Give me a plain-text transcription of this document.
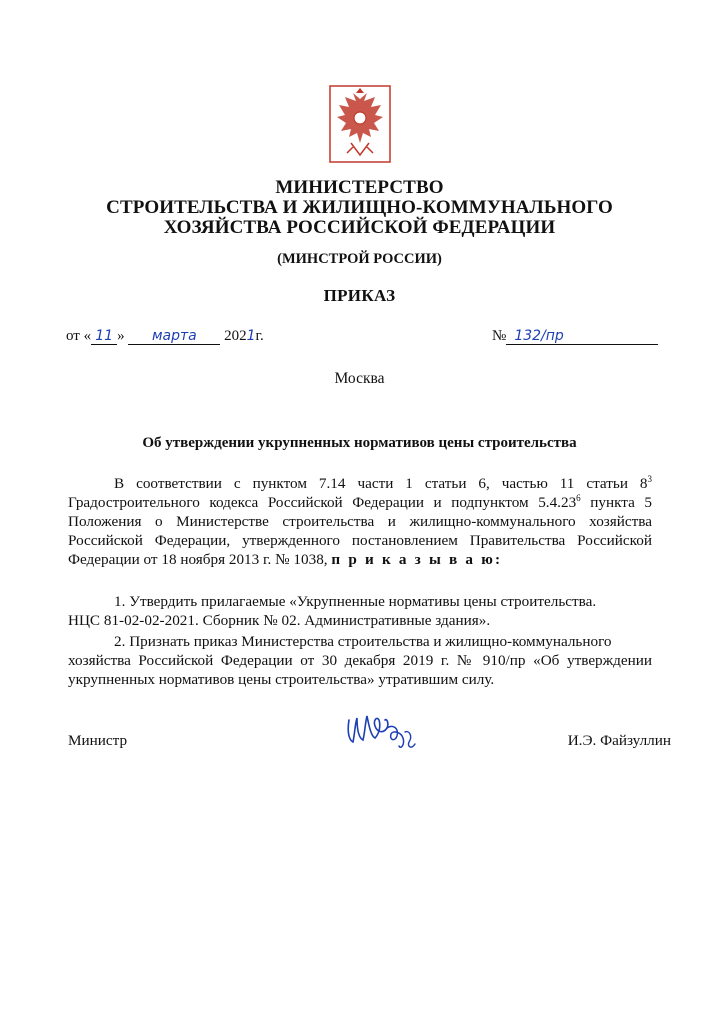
МИНИСТЕРСТВО
СТРОИТЕЛЬСТВА И ЖИЛИЩНО-КОММУНАЛЬНОГО
ХОЗЯЙСТВА РОССИЙСКОЙ ФЕДЕРАЦИИ
(МИНСТРОЙ РОССИИ)
ПРИКАЗ
от « 11 » марта 2021г.	№ 132/пр
Москва
Об утверждении укрупненных нормативов цены строительства
В соответствии с пунктом 7.14 части 1 статьи 6, частью 11 статьи $8^3$ Градостроительного кодекса Российской Федерации и подпунктом 5.4.23$^6$ пункта 5 Положения о Министерстве строительства и жилищно-коммунального хозяйства Российской Федерации, утвержденного постановлением Правительства Российской Федерации от 18 ноября 2013 г. № 1038, п р и к а з ы в а ю:
1. Утвердить прилагаемые «Укрупненные нормативы цены строительства.
НЦС 81-02-02-2021. Сборник № 02. Административные здания».
2. Признать приказ Министерства строительства и жилищно-коммунального
хозяйства Российской Федерации от 30 декабря 2019 г. № 910/пр «Об утверждении укрупненных нормативов цены строительства» утратившим силу.
Министр	И.Э. Файзуллин
